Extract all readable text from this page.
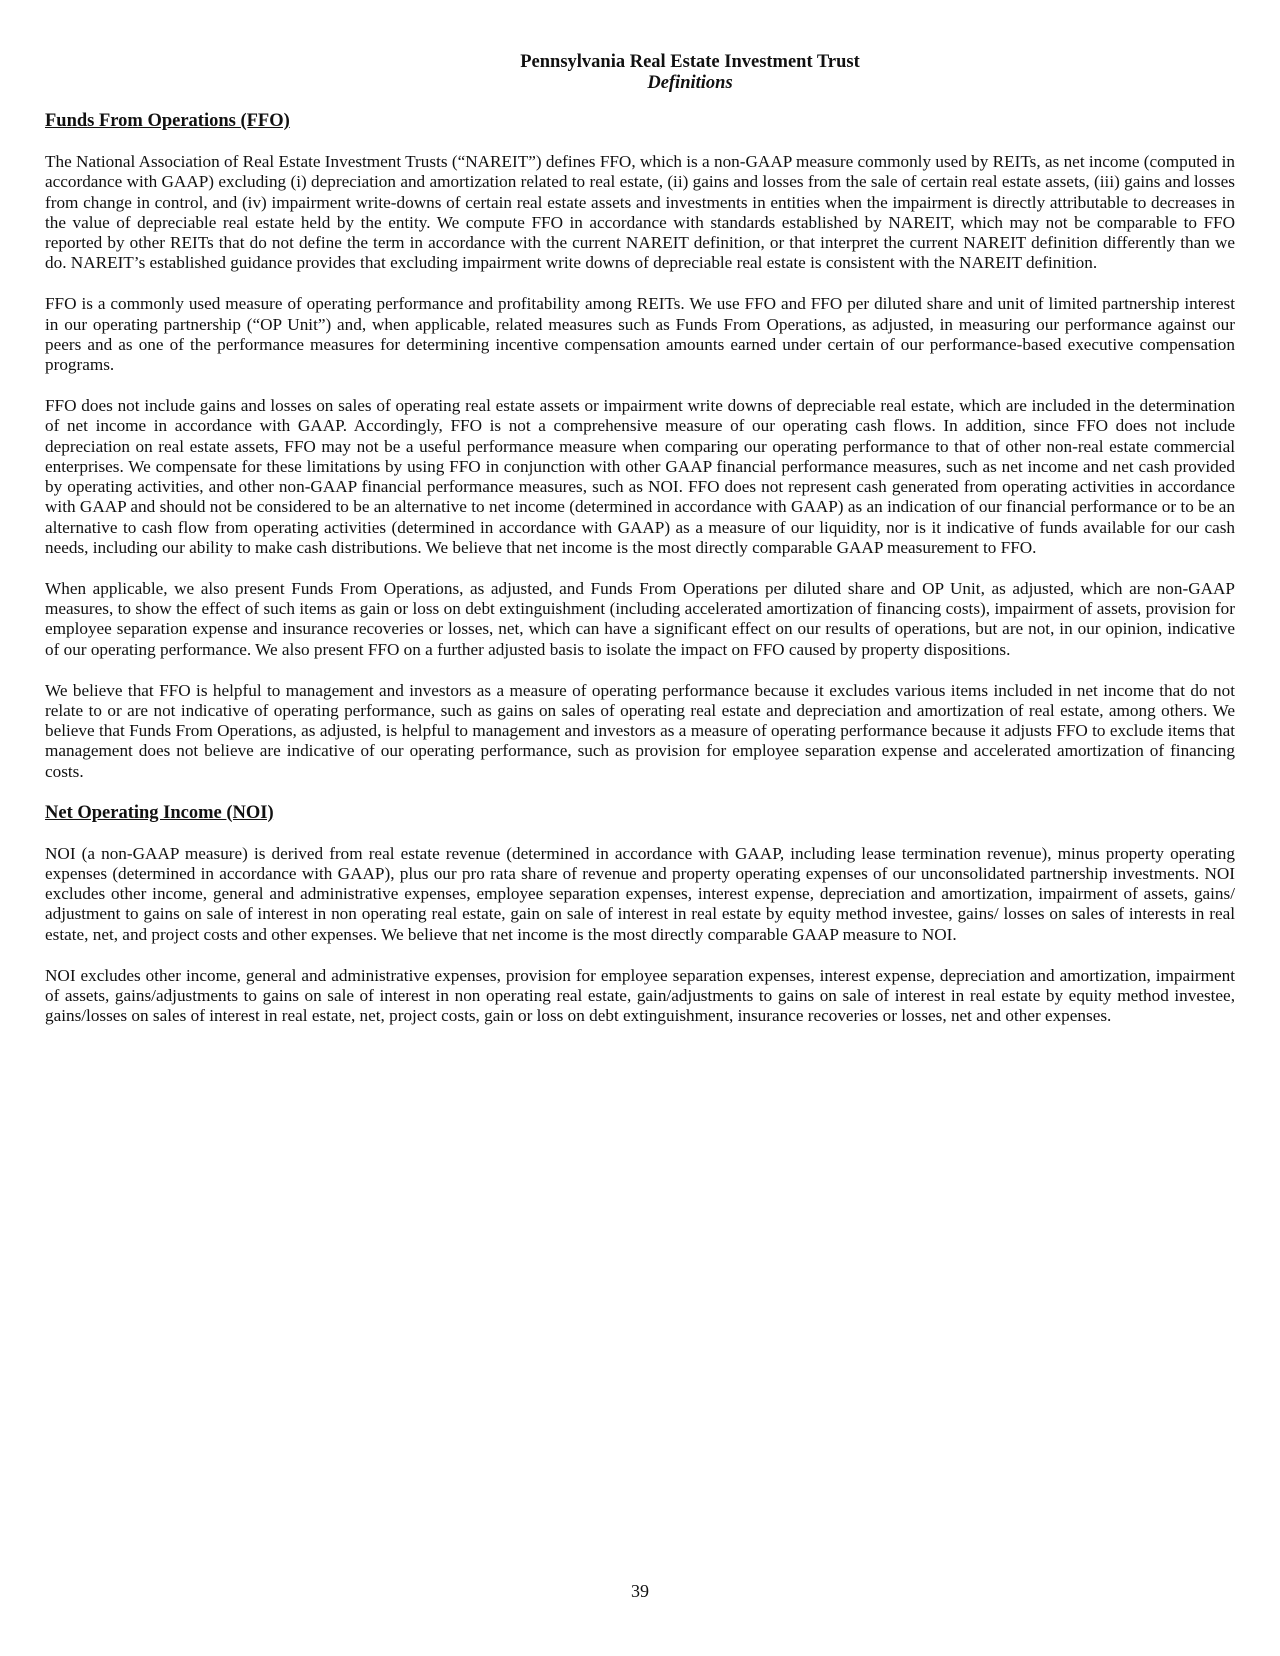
Pennsylvania Real Estate Investment Trust
Definitions
Funds From Operations (FFO)

The National Association of Real Estate Investment Trusts (“NAREIT”) defines FFO, which is a non-GAAP measure commonly used by REITs, as net income (computed in accordance with GAAP) excluding (i) depreciation and amortization related to real estate, (ii) gains and losses from the sale of certain real estate assets, (iii) gains and losses from change in control, and (iv) impairment write-downs of certain real estate assets and investments in entities when the impairment is directly attributable to decreases in the value of depreciable real estate held by the entity. We compute FFO in accordance with standards established by NAREIT, which may not be comparable to FFO reported by other REITs that do not define the term in accordance with the current NAREIT definition, or that interpret the current NAREIT definition differently than we do. NAREIT’s established guidance provides that excluding impairment write downs of depreciable real estate is consistent with the NAREIT definition.

FFO is a commonly used measure of operating performance and profitability among REITs. We use FFO and FFO per diluted share and unit of limited partnership interest in our operating partnership (“OP Unit”) and, when applicable, related measures such as Funds From Operations, as adjusted, in measuring our performance against our peers and as one of the performance measures for determining incentive compensation amounts earned under certain of our performance-based executive compensation programs.

FFO does not include gains and losses on sales of operating real estate assets or impairment write downs of depreciable real estate, which are included in the determination of net income in accordance with GAAP. Accordingly, FFO is not a comprehensive measure of our operating cash flows. In addition, since FFO does not include depreciation on real estate assets, FFO may not be a useful performance measure when comparing our operating performance to that of other non-real estate commercial enterprises. We compensate for these limitations by using FFO in conjunction with other GAAP financial performance measures, such as net income and net cash provided by operating activities, and other non-GAAP financial performance measures, such as NOI. FFO does not represent cash generated from operating activities in accordance with GAAP and should not be considered to be an alternative to net income (determined in accordance with GAAP) as an indication of our financial performance or to be an alternative to cash flow from operating activities (determined in accordance with GAAP) as a measure of our liquidity, nor is it indicative of funds available for our cash needs, including our ability to make cash distributions. We believe that net income is the most directly comparable GAAP measurement to FFO.

When applicable, we also present Funds From Operations, as adjusted, and Funds From Operations per diluted share and OP Unit, as adjusted, which are non-GAAP measures, to show the effect of such items as gain or loss on debt extinguishment (including accelerated amortization of financing costs), impairment of assets, provision for employee separation expense and insurance recoveries or losses, net, which can have a significant effect on our results of operations, but are not, in our opinion, indicative of our operating performance. We also present FFO on a further adjusted basis to isolate the impact on FFO caused by property dispositions.

We believe that FFO is helpful to management and investors as a measure of operating performance because it excludes various items included in net income that do not relate to or are not indicative of operating performance, such as gains on sales of operating real estate and depreciation and amortization of real estate, among others. We believe that Funds From Operations, as adjusted, is helpful to management and investors as a measure of operating performance because it adjusts FFO to exclude items that management does not believe are indicative of our operating performance, such as provision for employee separation expense and accelerated amortization of financing costs.

Net Operating Income (NOI)

NOI (a non-GAAP measure) is derived from real estate revenue (determined in accordance with GAAP, including lease termination revenue), minus property operating expenses (determined in accordance with GAAP), plus our pro rata share of revenue and property operating expenses of our unconsolidated partnership investments. NOI excludes other income, general and administrative expenses, employee separation expenses, interest expense, depreciation and amortization, impairment of assets, gains/ adjustment to gains on sale of interest in non operating real estate, gain on sale of interest in real estate by equity method investee, gains/ losses on sales of interests in real estate, net, and project costs and other expenses. We believe that net income is the most directly comparable GAAP measure to NOI.

NOI excludes other income, general and administrative expenses, provision for employee separation expenses, interest expense, depreciation and amortization, impairment of assets, gains/adjustments to gains on sale of interest in non operating real estate, gain/adjustments to gains on sale of interest in real estate by equity method investee, gains/losses on sales of interest in real estate, net, project costs, gain or loss on debt extinguishment, insurance recoveries or losses, net and other expenses.

39
